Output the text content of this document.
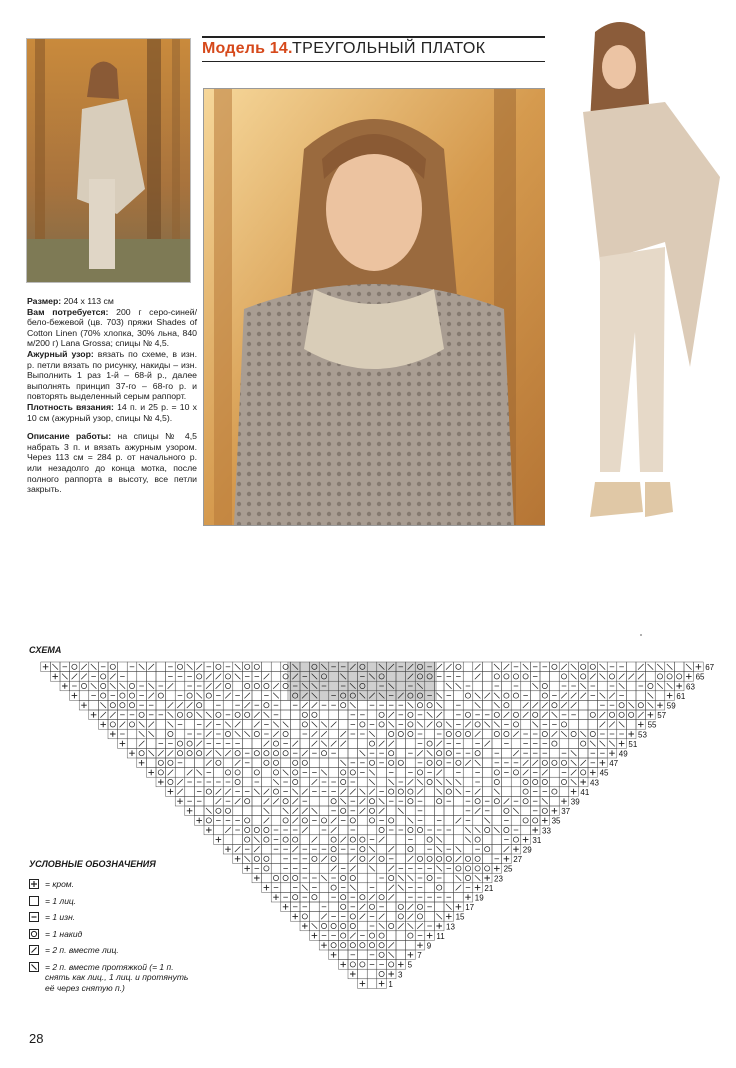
Модель 14. ТРЕУГОЛЬНЫЙ ПЛАТОК

Размер: 204 x 113 см

Вам потребуется: 200 г серо-синей/бело-бежевой (цв. 703) пряжи Shades of Cotton Linen (70% хлопка, 30% льна, 840 м/200 г) Lana Grossa; спицы № 4,5.

Ажурный узор: вязать по схеме, в изн. р. петли вязать по рисунку, накиды – изн. Выполнить 1 раз 1-й – 68-й р., далее выполнять принцип 37-го – 68-го р. и повторять выделенный серым раппорт.

Плотность вязания: 14 п. и 25 р. = 10 x 10 см (ажурный узор, спицы № 4,5).

Описание работы: на спицы № 4,5 набрать 3 п. и вязать ажурным узором. Через 113 см = 284 р. от начального р. или незадолго до конца мотка, после полного раппорта в высоту, все петли закрыть.

СХЕМА
1
3
5
7
9
11
13
15
17
19
21
23
25
27
29
31
33
35
37
39
41
43
45
47
49
51
53
55
57
59
61
63
65
67
УСЛОВНЫЕ ОБОЗНАЧЕНИЯ
= кром.
= 1 лиц.
= 1 изн.
= 1 накид
= 2 п. вместе лиц.
= 2 п. вместе протяжкой (= 1 п. снять как лиц., 1 лиц. и протянуть её через снятую п.)
28
